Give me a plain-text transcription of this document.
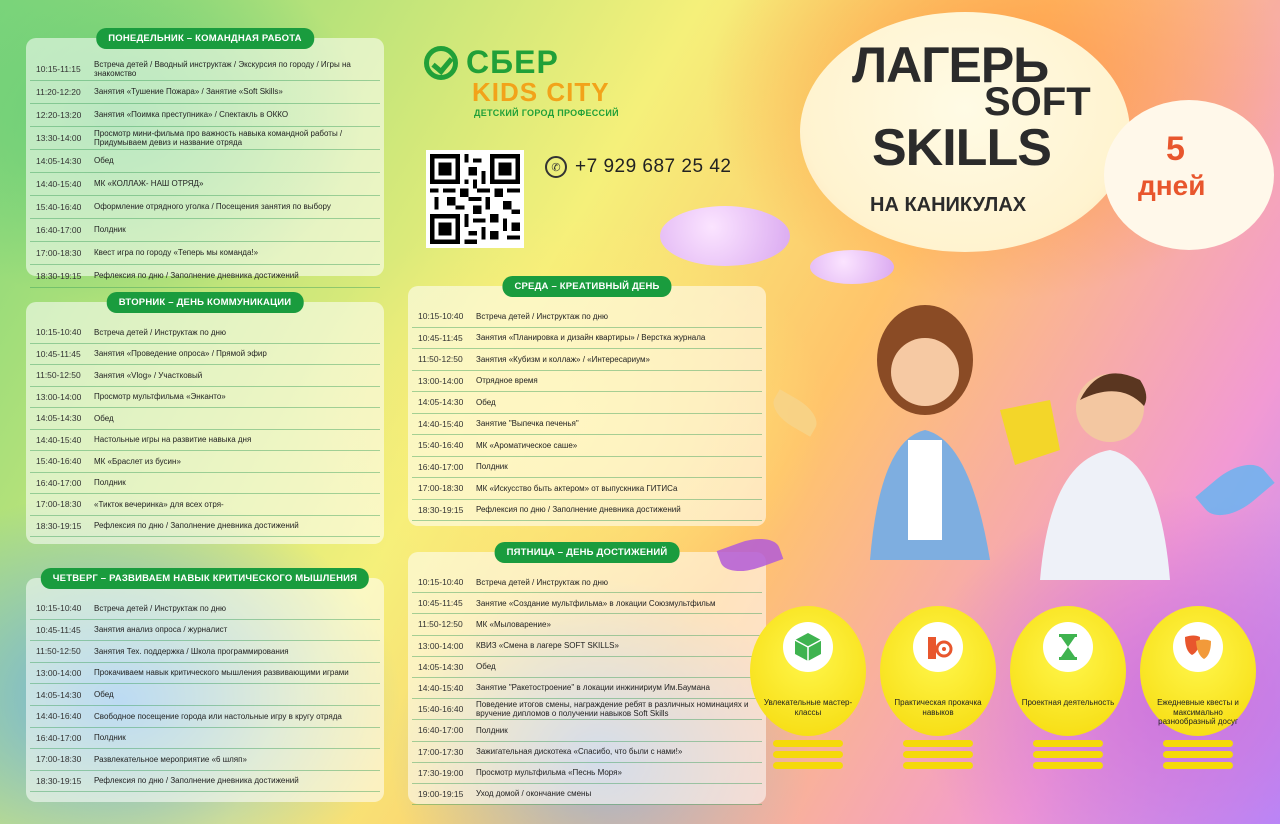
ЛАГЕРЬ
SOFT
SKILLS
НА КАНИКУЛАХ
5
дней
СБЕР
KIDS CITY
ДЕТСКИЙ ГОРОД ПРОФЕССИЙ
✆ +7 929 687 25 42
ПОНЕДЕЛЬНИК – КОМАНДНАЯ РАБОТА
10:15-11:15	Встреча детей / Вводный инструктаж / Экскурсия по городу / Игры на знакомство
11:20-12:20	Занятия «Тушение Пожара» / Занятие «Soft Skills»
12:20-13:20	Занятия «Поимка преступника» / Спектакль в ОККО
13:30-14:00	Просмотр мини-фильма про важность навыка командной работы / Придумываем девиз и название отряда
14:05-14:30	Обед
14:40-15:40	МК «КОЛЛАЖ- НАШ ОТРЯД»
15:40-16:40	Оформление отрядного уголка / Посещения занятия по выбору
16:40-17:00	Полдник
17:00-18:30	Квест игра по городу «Теперь мы команда!»
18:30-19:15	Рефлексия по дню / Заполнение дневника достижений
ВТОРНИК – ДЕНЬ КОММУНИКАЦИИ
10:15-10:40	Встреча детей / Инструктаж по дню
10:45-11:45	Занятия «Проведение опроса» / Прямой эфир
11:50-12:50	Занятия «Vlog» / Участковый
13:00-14:00	Просмотр мультфильма «Энканто»
14:05-14:30	Обед
14:40-15:40	Настольные игры на развитие навыка дня
15:40-16:40	МК «Браслет из бусин»
16:40-17:00	Полдник
17:00-18:30	«Тикток вечеринка» для всех отря-
18:30-19:15	Рефлексия по дню / Заполнение дневника достижений
ЧЕТВЕРГ – РАЗВИВАЕМ НАВЫК КРИТИЧЕСКОГО МЫШЛЕНИЯ
10:15-10:40	Встреча детей / Инструктаж по дню
10:45-11:45	Занятия анализ опроса / журналист
11:50-12:50	Занятия Тех. поддержка / Школа программирования
13:00-14:00	Прокачиваем навык критического мышления развивающими играми
14:05-14:30	Обед
14:40-16:40	Свободное посещение города или настольные игру в кругу отряда
16:40-17:00	Полдник
17:00-18:30	Развлекательное мероприятие «6 шляп»
18:30-19:15	Рефлексия по дню / Заполнение дневника достижений
СРЕДА – КРЕАТИВНЫЙ ДЕНЬ
10:15-10:40	Встреча детей / Инструктаж по дню
10:45-11:45	Занятия «Планировка и дизайн квартиры» / Верстка журнала
11:50-12:50	Занятия «Кубизм и коллаж» / «Интересариум»
13:00-14:00	Отрядное время
14:05-14:30	Обед
14:40-15:40	Занятие "Выпечка печенья"
15:40-16:40	МК «Ароматическое саше»
16:40-17:00	Полдник
17:00-18:30	МК «Искусство быть актером» от выпускника ГИТИСа
18:30-19:15	Рефлексия по дню / Заполнение дневника достижений
ПЯТНИЦА – ДЕНЬ ДОСТИЖЕНИЙ
10:15-10:40	Встреча детей / Инструктаж по дню
10:45-11:45	Занятие «Создание мультфильма» в локации Союзмультфильм
11:50-12:50	МК «Мыловарение»
13:00-14:00	КВИЗ «Смена в лагере SOFT SKILLS»
14:05-14:30	Обед
14:40-15:40	Занятие "Ракетостроение" в локации инжинириум Им.Баумана
15:40-16:40	Поведение итогов смены, награждение ребят в различных номинациях и вручение дипломов о получении навыков Soft Skills
16:40-17:00	Полдник
17:00-17:30	Зажигательная дискотека «Спасибо, что были с нами!»
17:30-19:00	Просмотр мультфильма «Песнь Моря»
19:00-19:15	Уход домой / окончание смены
Увлекательные мастер-классы
Практическая прокачка навыков
Проектная деятельность	Ежедневные квесты и максимально разнообразный досуг
